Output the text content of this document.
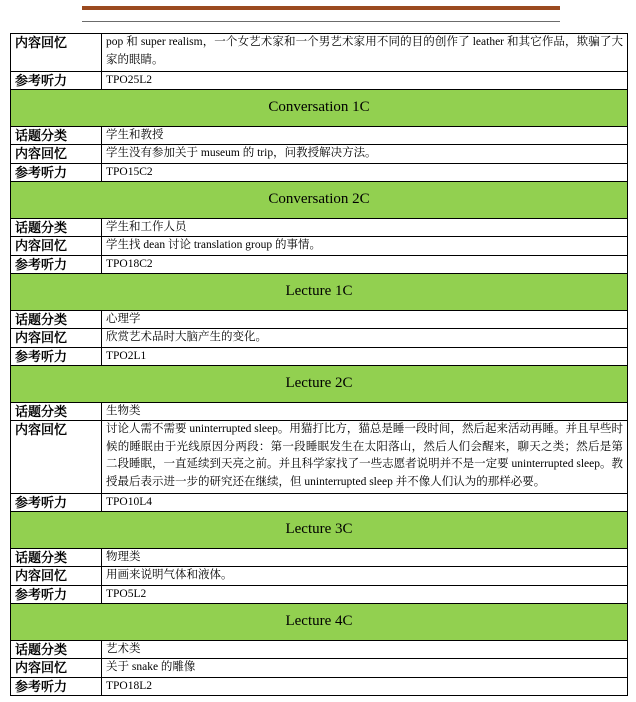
内容回忆	pop 和 super realism，一个女艺术家和一个男艺术家用不同的目的创作了 leather 和其它作品，欺骗了大家的眼睛。
参考听力	TPO25L2
Conversation 1C	
话题分类	学生和教授
内容回忆	学生没有参加关于 museum 的 trip，问教授解决方法。
参考听力	TPO15C2
Conversation 2C	
话题分类	学生和工作人员
内容回忆	学生找 dean 讨论 translation group 的事情。
参考听力	TPO18C2
Lecture 1C	
话题分类	心理学
内容回忆	欣赏艺术品时大脑产生的变化。
参考听力	TPO2L1
Lecture 2C	
话题分类	生物类
内容回忆	讨论人需不需要 uninterrupted sleep。用猫打比方，猫总是睡一段时间，然后起来活动再睡。并且早些时候的睡眠由于光线原因分两段：第一段睡眠发生在太阳落山，然后人们会醒来，聊天之类；然后是第二段睡眠，一直延续到天亮之前。并且科学家找了一些志愿者说明并不是一定要 uninterrupted sleep。教授最后表示进一步的研究还在继续，但 uninterrupted sleep 并不像人们认为的那样必要。
参考听力	TPO10L4
Lecture 3C	
话题分类	物理类
内容回忆	用画来说明气体和液体。
参考听力	TPO5L2
Lecture 4C	
话题分类	艺术类
内容回忆	关于 snake 的雕像
参考听力	TPO18L2
